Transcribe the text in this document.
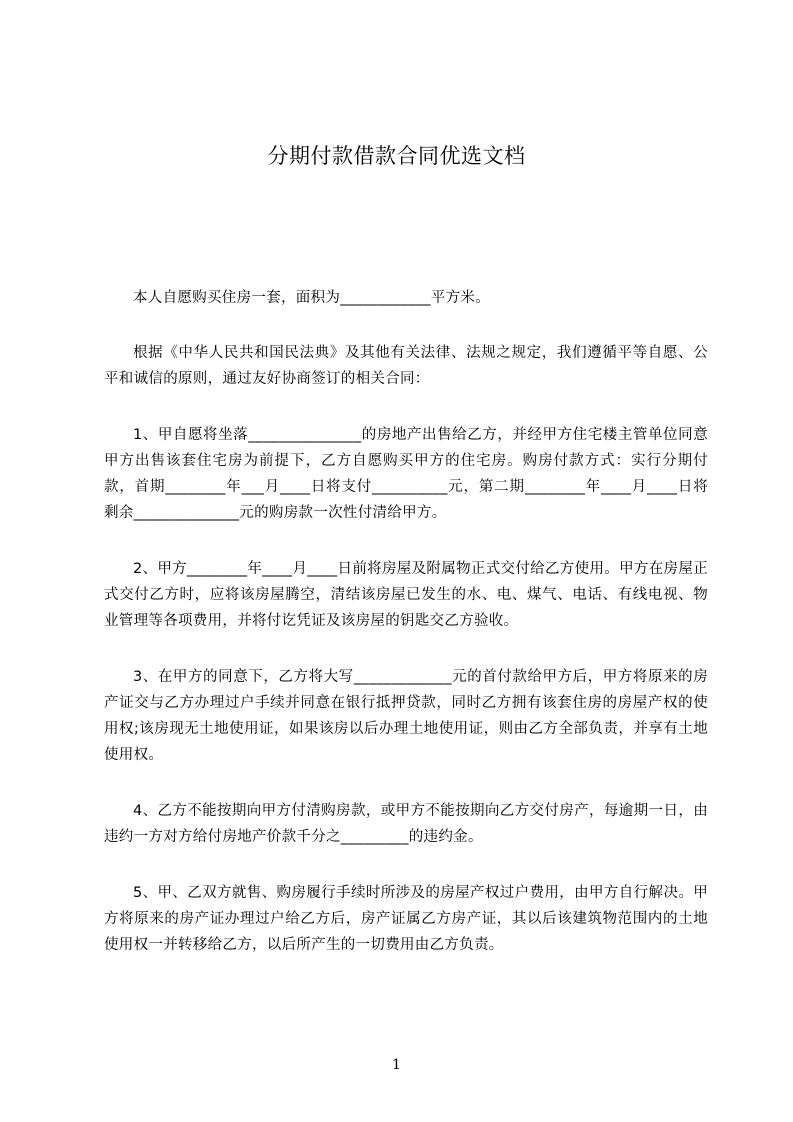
分期付款借款合同优选文档

本人自愿购买住房一套，面积为____________平方米。

根据《中华人民共和国民法典》及其他有关法律、法规之规定，我们遵循平等自愿、公平和诚信的原则，通过友好协商签订的相关合同：

1、甲自愿将坐落_______________的房地产出售给乙方，并经甲方住宅楼主管单位同意甲方出售该套住宅房为前提下，乙方自愿购买甲方的住宅房。购房付款方式：实行分期付款，首期________年___月____日将支付__________元，第二期________年____月____日将剩余______________元的购房款一次性付清给甲方。

2、甲方________年____月____日前将房屋及附属物正式交付给乙方使用。甲方在房屋正式交付乙方时，应将该房屋腾空，清结该房屋已发生的水、电、煤气、电话、有线电视、物业管理等各项费用，并将付讫凭证及该房屋的钥匙交乙方验收。

3、在甲方的同意下，乙方将大写_____________元的首付款给甲方后，甲方将原来的房产证交与乙方办理过户手续并同意在银行抵押贷款，同时乙方拥有该套住房的房屋产权的使用权;该房现无土地使用证，如果该房以后办理土地使用证，则由乙方全部负责，并享有土地使用权。

4、乙方不能按期向甲方付清购房款，或甲方不能按期向乙方交付房产，每逾期一日，由违约一方对方给付房地产价款千分之_________的违约金。

5、甲、乙双方就售、购房履行手续时所涉及的房屋产权过户费用，由甲方自行解决。甲方将原来的房产证办理过户给乙方后，房产证属乙方房产证，其以后该建筑物范围内的土地使用权一并转移给乙方，以后所产生的一切费用由乙方负责。

1
